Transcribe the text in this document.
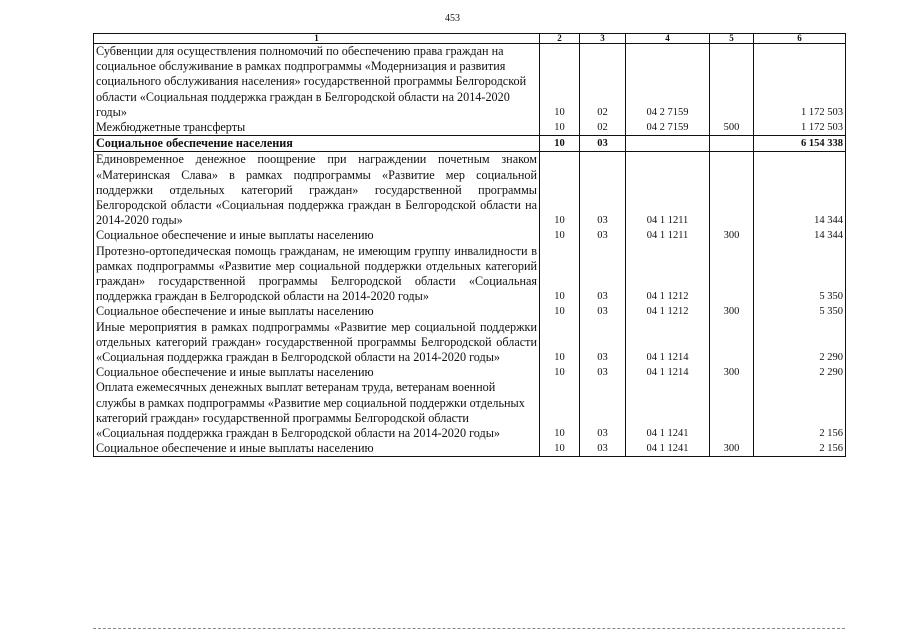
453
1	2	3	4	5	6
Субвенции для осуществления полномочий по обеспечению права граждан на социальное обслуживание в рамках подпрограммы «Модернизация и развития социального обслуживания населения» государственной программы Белгородской области «Социальная поддержка граждан в Белгородской области на 2014-2020 годы»	10	02	04 2 7159		1 172 503
Межбюджетные трансферты	10	02	04 2 7159	500	1 172 503
Социальное обеспечение населения	10	03			6 154 338
Единовременное денежное поощрение при награждении почетным знаком «Материнская Слава» в рамках подпрограммы «Развитие мер социальной поддержки отдельных категорий граждан» государственной программы Белгородской области «Социальная поддержка граждан в Белгородской области на 2014-2020 годы»	10	03	04 1 1211		14 344
Социальное обеспечение и иные выплаты населению	10	03	04 1 1211	300	14 344
Протезно-ортопедическая помощь гражданам, не имеющим группу инвалидности в рамках подпрограммы «Развитие мер социальной поддержки отдельных категорий граждан» государственной программы Белгородской области «Социальная поддержка граждан в Белгородской области на 2014-2020 годы»	10	03	04 1 1212		5 350
Социальное обеспечение и иные выплаты населению	10	03	04 1 1212	300	5 350
Иные мероприятия в рамках подпрограммы «Развитие мер социальной поддержки отдельных категорий граждан» государственной программы Белгородской области «Социальная поддержка граждан в Белгородской области на 2014-2020 годы»	10	03	04 1 1214		2 290
Социальное обеспечение и иные выплаты населению	10	03	04 1 1214	300	2 290
Оплата ежемесячных денежных выплат ветеранам труда, ветеранам военной службы в рамках подпрограммы «Развитие мер социальной поддержки отдельных категорий граждан» государственной программы Белгородской области «Социальная поддержка граждан в Белгородской области на 2014-2020 годы»	10	03	04 1 1241		2 156
Социальное обеспечение и иные выплаты населению	10	03	04 1 1241	300	2 156
